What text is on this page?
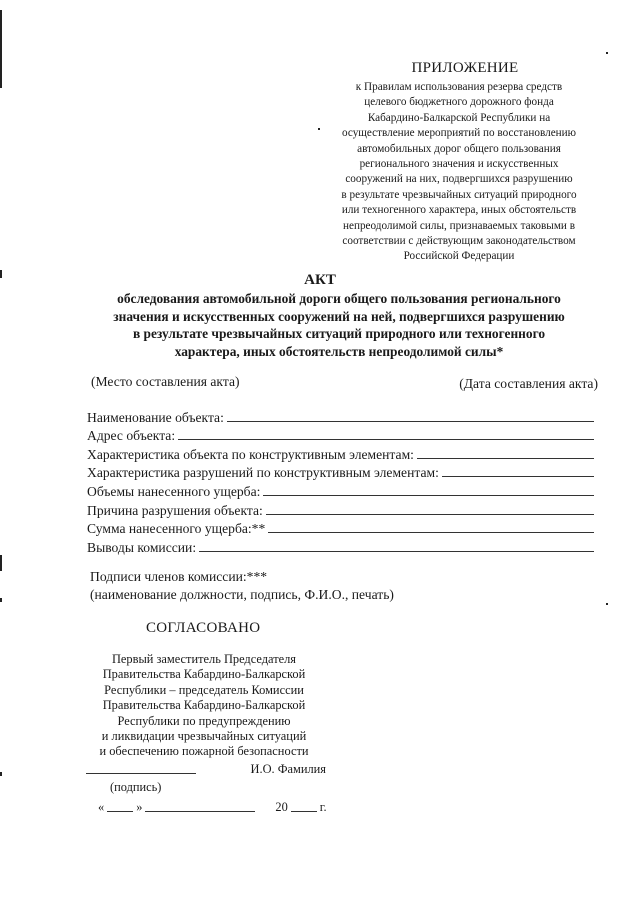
ПРИЛОЖЕНИЕ
к Правилам использования резерва средств
целевого бюджетного дорожного фонда
Кабардино-Балкарской Республики на
осуществление мероприятий по восстановлению
автомобильных дорог общего пользования
регионального значения и искусственных
сооружений на них, подвергшихся разрушению
в результате чрезвычайных ситуаций природного
или техногенного характера, иных обстоятельств
непреодолимой силы, признаваемых таковыми в
соответствии с действующим законодательством
Российской Федерации
АКТ
обследования автомобильной дороги общего пользования регионального
значения и искусственных сооружений на ней, подвергшихся разрушению
в результате чрезвычайных ситуаций природного или техногенного
характера, иных обстоятельств непреодолимой силы*
(Место составления акта)	(Дата составления акта)
Наименование объекта:
Адрес объекта:
Характеристика объекта по конструктивным элементам:
Характеристика разрушений по конструктивным элементам:
Объемы нанесенного ущерба:
Причина разрушения объекта:
Сумма нанесенного ущерба:**
Выводы комиссии:
Подписи членов комиссии:***
(наименование должности, подпись, Ф.И.О., печать)
СОГЛАСОВАНО
Первый заместитель Председателя
Правительства Кабардино-Балкарской
Республики – председатель Комиссии
Правительства Кабардино-Балкарской
Республики по предупреждению
и ликвидации чрезвычайных ситуаций
и обеспечению пожарной безопасности
И.О. Фамилия
(подпись)
«	»	20	г.
